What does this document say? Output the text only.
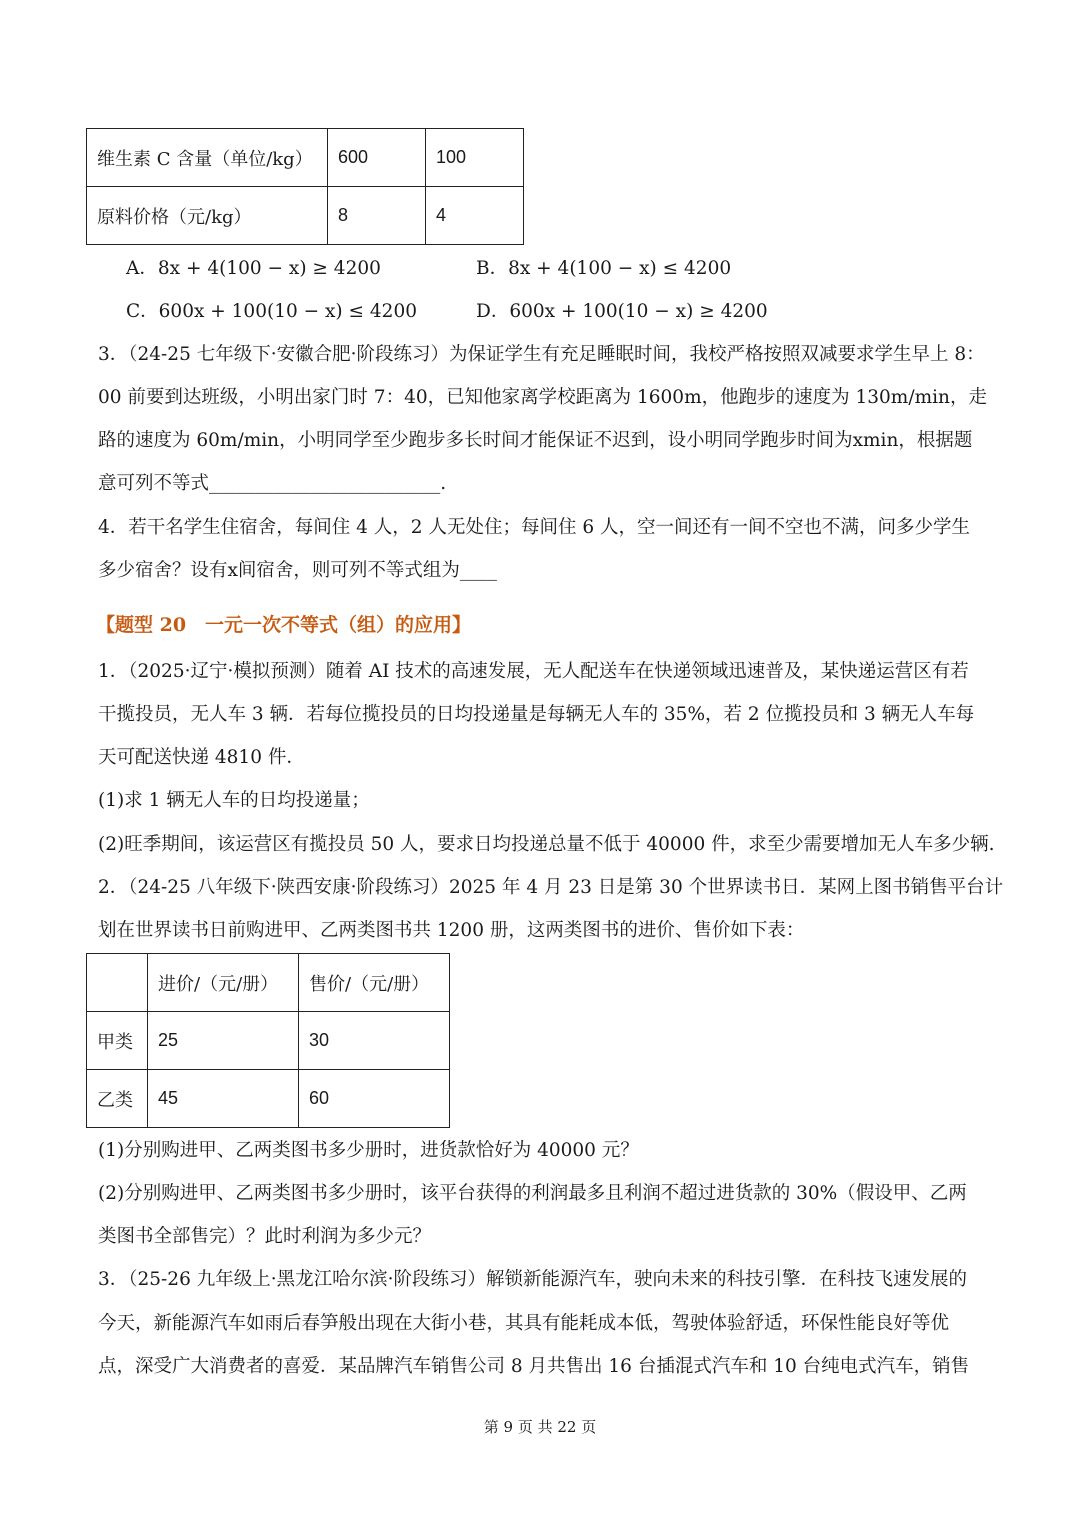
维生素 C 含量（单位/kg）	600	100
原料价格（元/kg）	8	4
A．8x + 4(100 − x) ≥ 4200	B．8x + 4(100 − x) ≤ 4200
C．600x + 100(10 − x) ≤ 4200	D．600x + 100(10 − x) ≥ 4200
3．（24-25 七年级下·安徽合肥·阶段练习）为保证学生有充足睡眠时间，我校严格按照双减要求学生早上 8：
00 前要到达班级，小明出家门时 7：40，已知他家离学校距离为 1600m，他跑步的速度为 130m/min，走
路的速度为 60m/min，小明同学至少跑步多长时间才能保证不迟到，设小明同学跑步时间为xmin，根据题
意可列不等式_________________________.
4．若干名学生住宿舍，每间住 4 人，2 人无处住；每间住 6 人，空一间还有一间不空也不满，问多少学生
多少宿舍？设有x间宿舍，则可列不等式组为____
【题型 20　一元一次不等式（组）的应用】
1．（2025·辽宁·模拟预测）随着 AI 技术的高速发展，无人配送车在快递领域迅速普及，某快递运营区有若
干揽投员，无人车 3 辆．若每位揽投员的日均投递量是每辆无人车的 35%，若 2 位揽投员和 3 辆无人车每
天可配送快递 4810 件．
(1)求 1 辆无人车的日均投递量；
(2)旺季期间，该运营区有揽投员 50 人，要求日均投递总量不低于 40000 件，求至少需要增加无人车多少辆.
2．（24-25 八年级下·陕西安康·阶段练习）2025 年 4 月 23 日是第 30 个世界读书日．某网上图书销售平台计
划在世界读书日前购进甲、乙两类图书共 1200 册，这两类图书的进价、售价如下表：
	进价/（元/册）	售价/（元/册）
甲类	25	30
乙类	45	60
(1)分别购进甲、乙两类图书多少册时，进货款恰好为 40000 元？
(2)分别购进甲、乙两类图书多少册时，该平台获得的利润最多且利润不超过进货款的 30%（假设甲、乙两
类图书全部售完）？此时利润为多少元？
3．（25-26 九年级上·黑龙江哈尔滨·阶段练习）解锁新能源汽车，驶向未来的科技引擎．在科技飞速发展的
今天，新能源汽车如雨后春笋般出现在大街小巷，其具有能耗成本低，驾驶体验舒适，环保性能良好等优
点，深受广大消费者的喜爱．某品牌汽车销售公司 8 月共售出 16 台插混式汽车和 10 台纯电式汽车，销售
第 9 页 共 22 页
